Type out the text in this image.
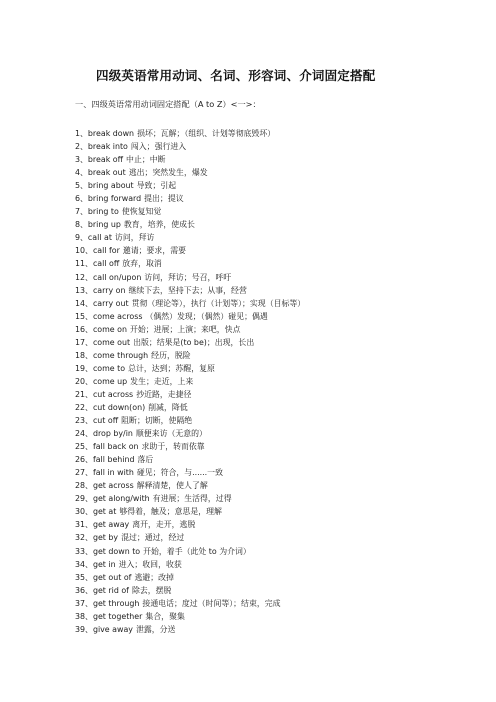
四级英语常用动词、名词、形容词、介词固定搭配
一、四级英语常用动词固定搭配（A to Z）<一>：
1、break down 损坏；瓦解；（组织、计划等彻底毁坏）
2、break into 闯入；强行进入
3、break off 中止；中断
4、break out 逃出；突然发生，爆发
5、bring about 导致；引起
6、bring forward 提出；提议
7、bring to 使恢复知觉
8、bring up 教育，培养，使成长
9、call at 访问，拜访
10、call for 邀请；要求，需要
11、call off 放弃，取消
12、call on/upon 访问，拜访；号召，呼吁
13、carry on 继续下去，坚持下去；从事，经营
14、carry out 贯彻（理论等），执行（计划等）；实现（目标等）
15、come across （偶然）发现；（偶然）碰见；偶遇
16、come on 开始；进展；上演；来吧，快点
17、come out 出版；结果是(to be)；出现，长出
18、come through 经历，脱险
19、come to 总计，达到；苏醒，复原
20、come up 发生；走近，上来
21、cut across 抄近路，走捷径
22、cut down(on) 削减，降低
23、cut off 阻断；切断，使隔绝
24、drop by/in 顺便来访（无意的）
25、fall back on 求助于，转而依靠
26、fall behind 落后
27、fall in with 碰见；符合，与......一致
28、get across 解释清楚，使人了解
29、get along/with 有进展；生活得，过得
30、get at 够得着，触及；意思是，理解
31、get away 离开，走开，逃脱
32、get by 混过；通过，经过
33、get down to 开始，着手（此处 to 为介词）
34、get in 进入；收回，收获
35、get out of 逃避；改掉
36、get rid of 除去，摆脱
37、get through 接通电话；度过（时间等）；结束，完成
38、get together 集合，聚集
39、give away 泄露，分送
